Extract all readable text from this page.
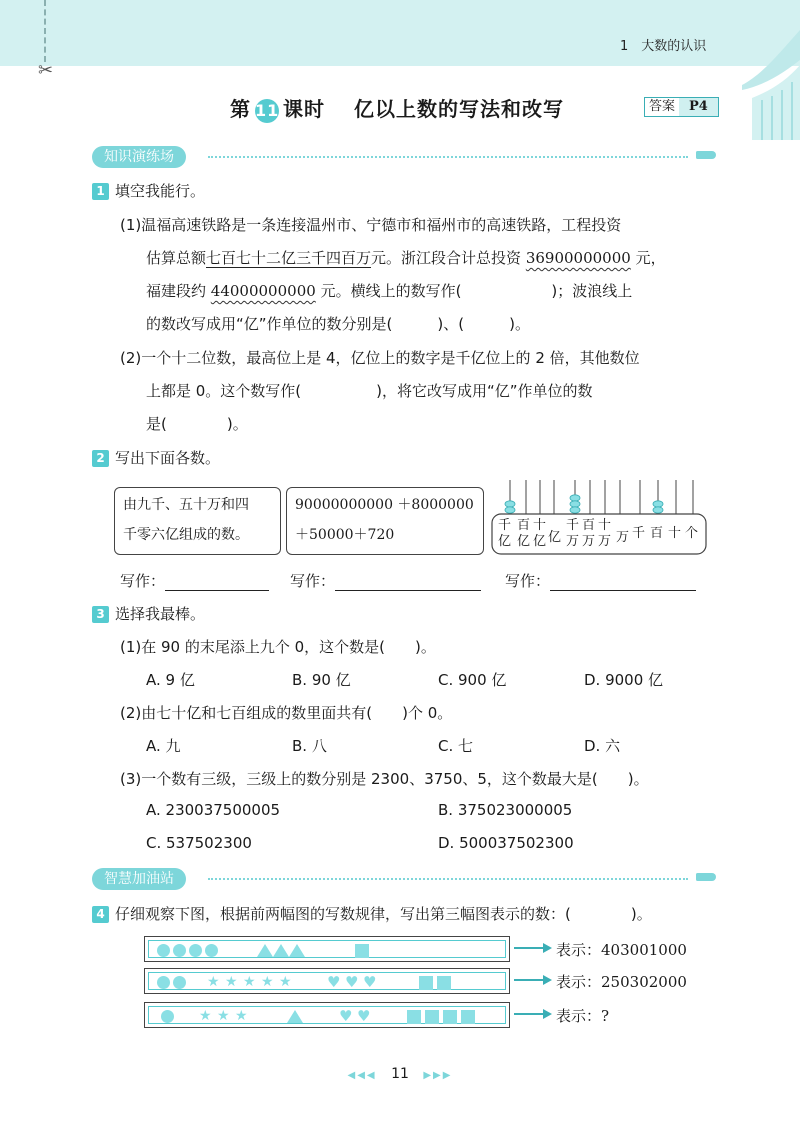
✂
1　大数的认识
第 11 课时　 亿以上数的写法和改写	答案 P4
知识演练场
1 填空我能行。
(1)温福高速铁路是一条连接温州市、宁德市和福州市的高速铁路，工程投资
估算总额七百七十二亿三千四百万元。浙江段合计总投资 36900000000 元，
福建段约 44000000000 元。横线上的数写作(　　　　　　)；波浪线上
的数改写成用“亿”作单位的数分别是(　　　)、(　　　)。
(2)一个十二位数，最高位上是 4，亿位上的数字是千亿位上的 2 倍，其他数位
上都是 0。这个数写作(　　　　　)，将它改写成用“亿”作单位的数
是(　　　　)。
2 写出下面各数。
由九千、五十万和四
千零六亿组成的数。
90000000000 ＋8000000
＋50000＋720
千亿
百亿
十亿 亿
千万
百万
十万 万 千 百 十 个
写作：	写作：	写作：
3 选择我最棒。
(1)在 90 的末尾添上九个 0，这个数是(　　)。
A. 9 亿	B. 90 亿	C. 900 亿	D. 9000 亿
(2)由七十亿和七百组成的数里面共有(　　)个 0。
A. 九	B. 八	C. 七	D. 六
(3)一个数有三级，三级上的数分别是 2300、3750、5，这个数最大是(　　)。
A. 230037500005	B. 375023000005
C. 537502300	D. 500037502300
智慧加油站
4 仔细观察下图，根据前两幅图的写数规律，写出第三幅图表示的数：(　　　　)。
表示：403001000
★ ★ ★ ★ ★ ♥ ♥ ♥	表示：250302000
★ ★ ★	♥ ♥	表示：?
◀◀◀ 11 ▶▶▶
